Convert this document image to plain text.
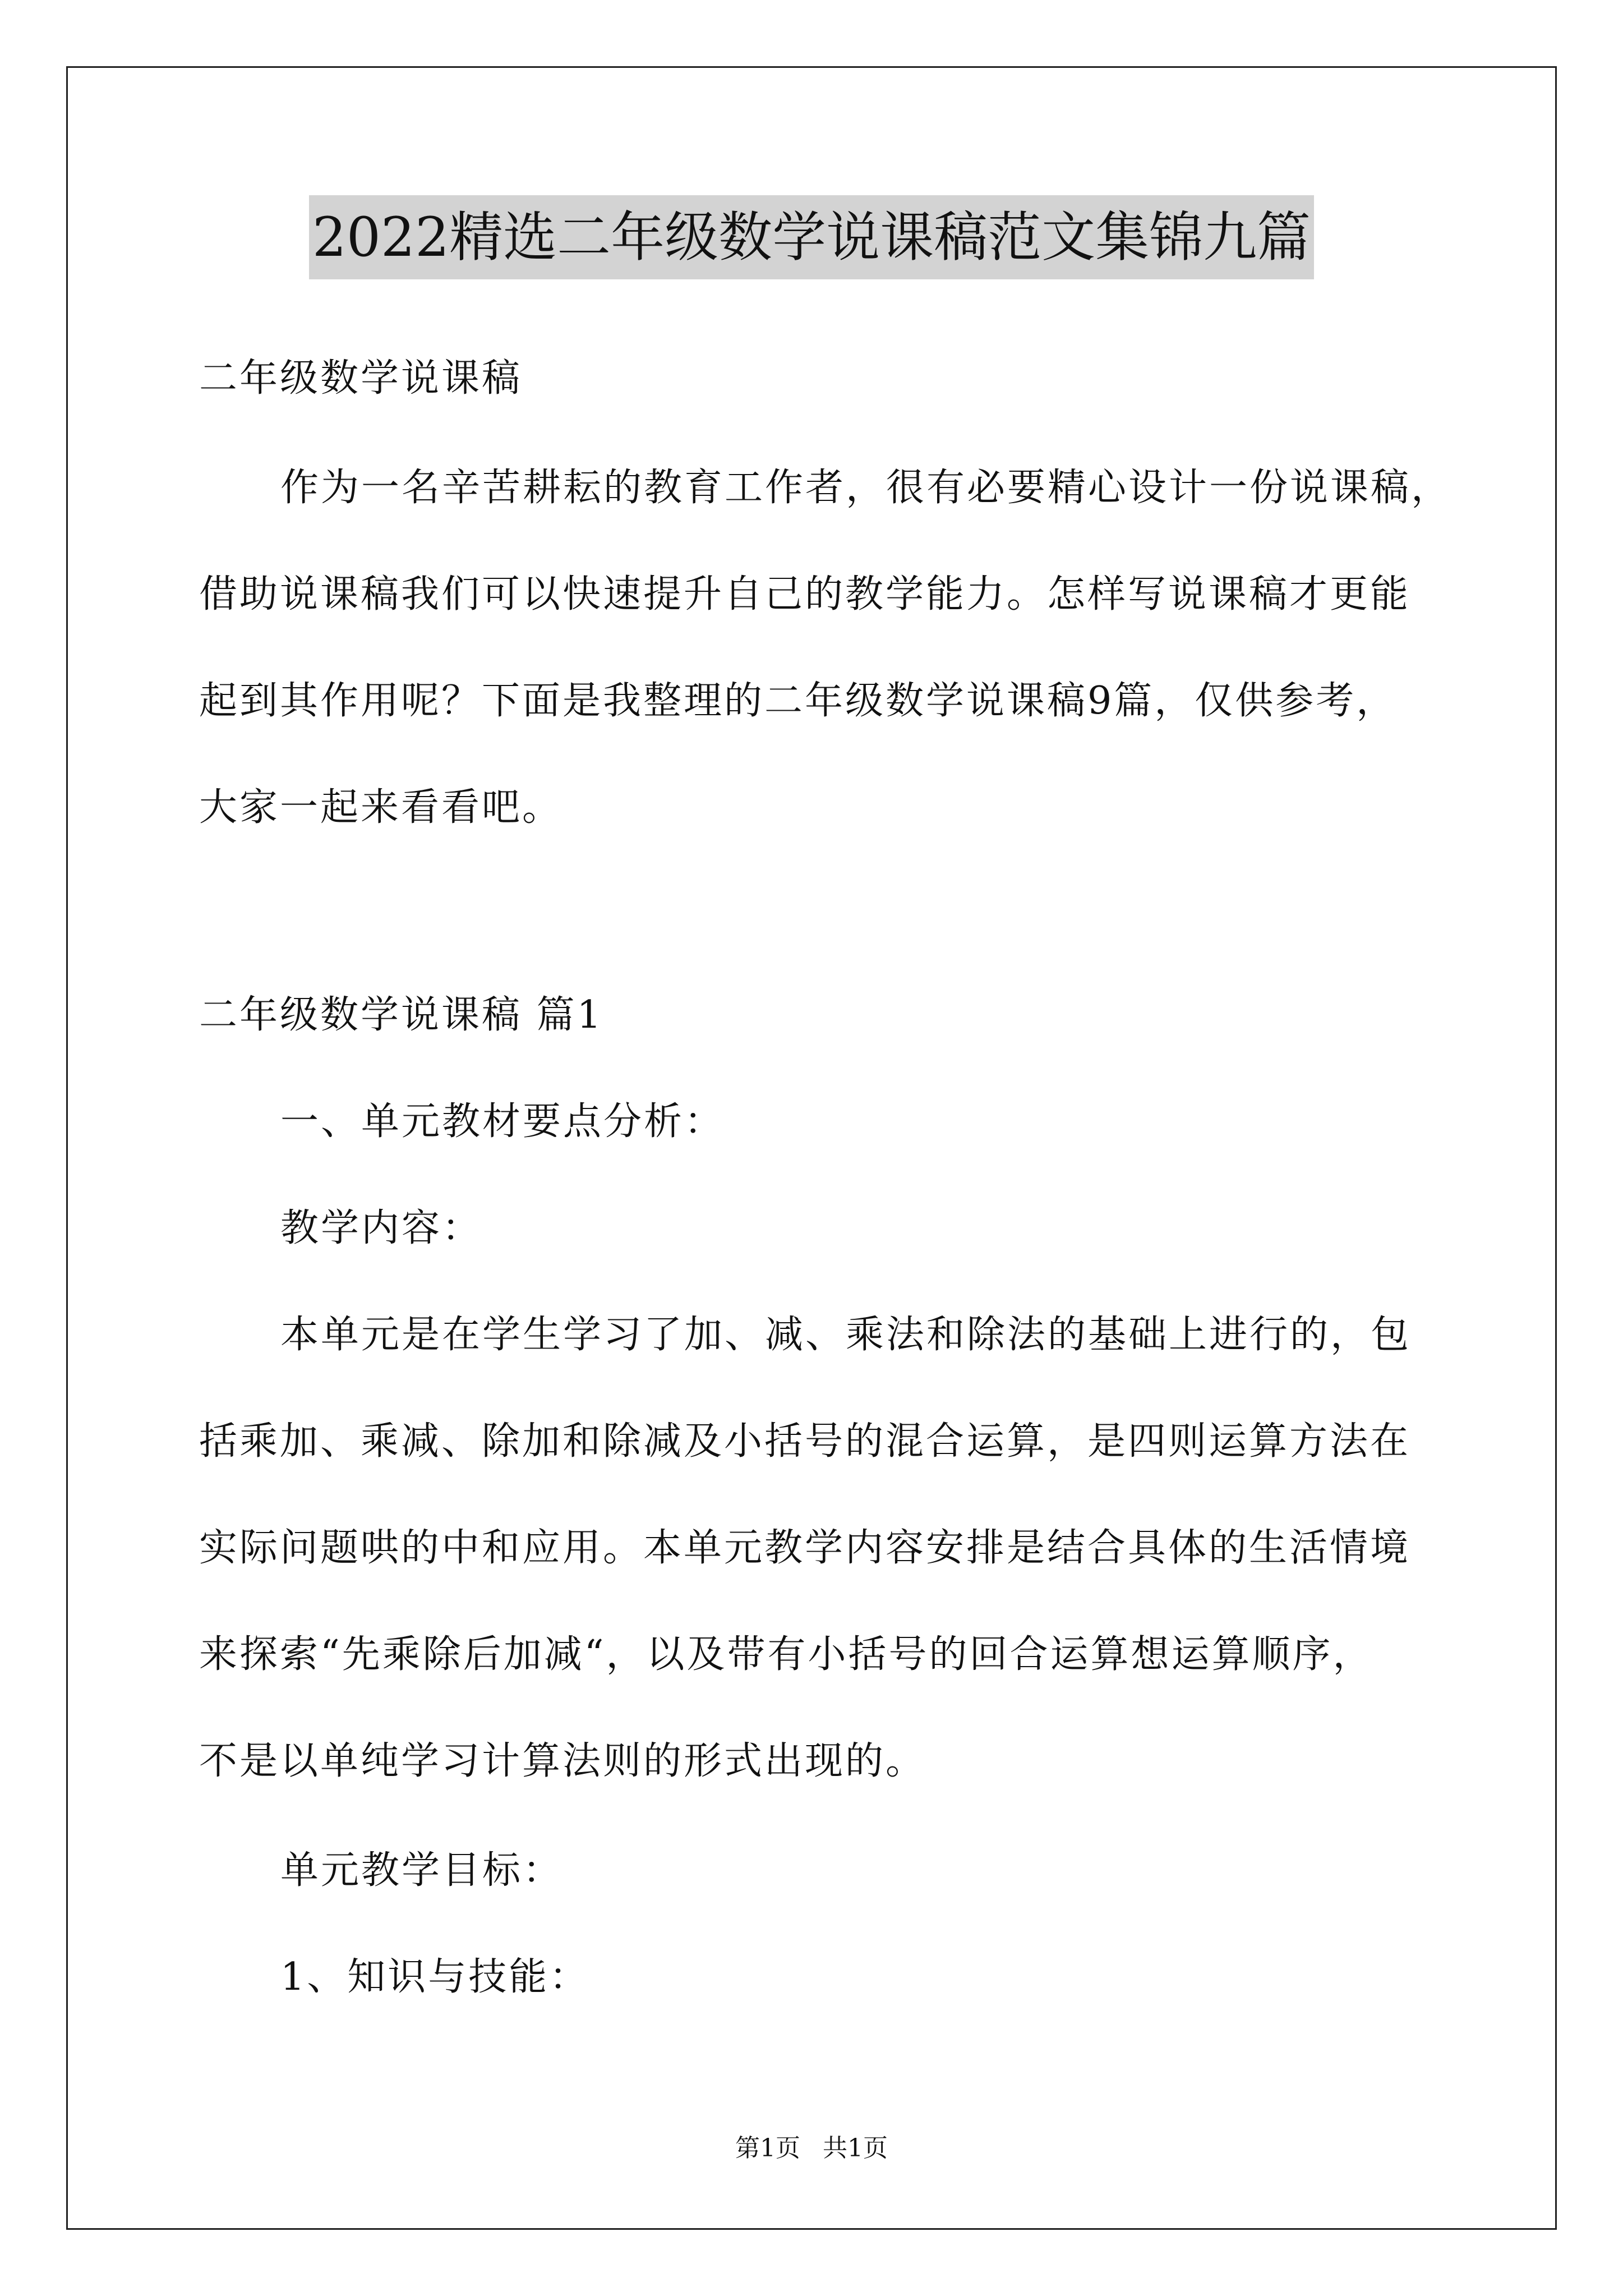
2022精选二年级数学说课稿范文集锦九篇
二年级数学说课稿
作为一名辛苦耕耘的教育工作者，很有必要精心设计一份说课稿，
借助说课稿我们可以快速提升自己的教学能力。怎样写说课稿才更能
起到其作用呢？下面是我整理的二年级数学说课稿9篇，仅供参考，
大家一起来看看吧。
二年级数学说课稿 篇1
一、单元教材要点分析：
教学内容：
本单元是在学生学习了加、减、乘法和除法的基础上进行的，包
括乘加、乘减、除加和除减及小括号的混合运算，是四则运算方法在
实际问题哄的中和应用。本单元教学内容安排是结合具体的生活情境
来探索“先乘除后加减“，以及带有小括号的回合运算想运算顺序，
不是以单纯学习计算法则的形式出现的。
单元教学目标：
1、知识与技能：
第1页 共1页
